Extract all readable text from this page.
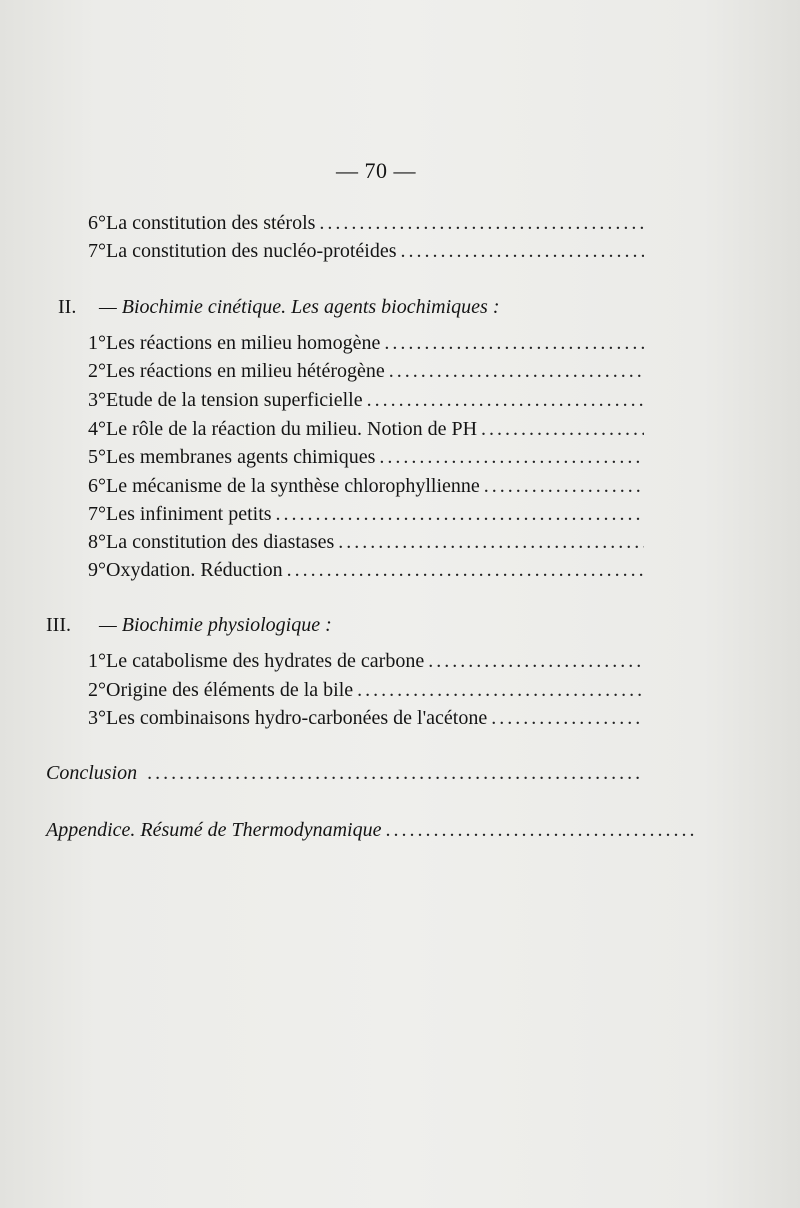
— 70 —
6° La constitution des stérols
.....
7° La constitution des nucléo-protéides
.....
II. — Biochimie cinétique. Les agents biochimiques :
1° Les réactions en milieu homogène
.....
2° Les réactions en milieu hétérogène
.....
3° Etude de la tension superficielle
.....
4° Le rôle de la réaction du milieu. Notion de PH
.....
5° Les membranes agents chimiques
.....
6° Le mécanisme de la synthèse chlorophyllienne
.....
7° Les infiniment petits
.....
8° La constitution des diastases
.....
9° Oxydation. Réduction
.....
III. — Biochimie physiologique :
1° Le catabolisme des hydrates de carbone
.....
2° Origine des éléments de la bile
.....
3° Les combinaisons hydro-carbonées de l'acétone
.....
Conclusion
.....
Appendice. Résumé de Thermodynamique
.....
